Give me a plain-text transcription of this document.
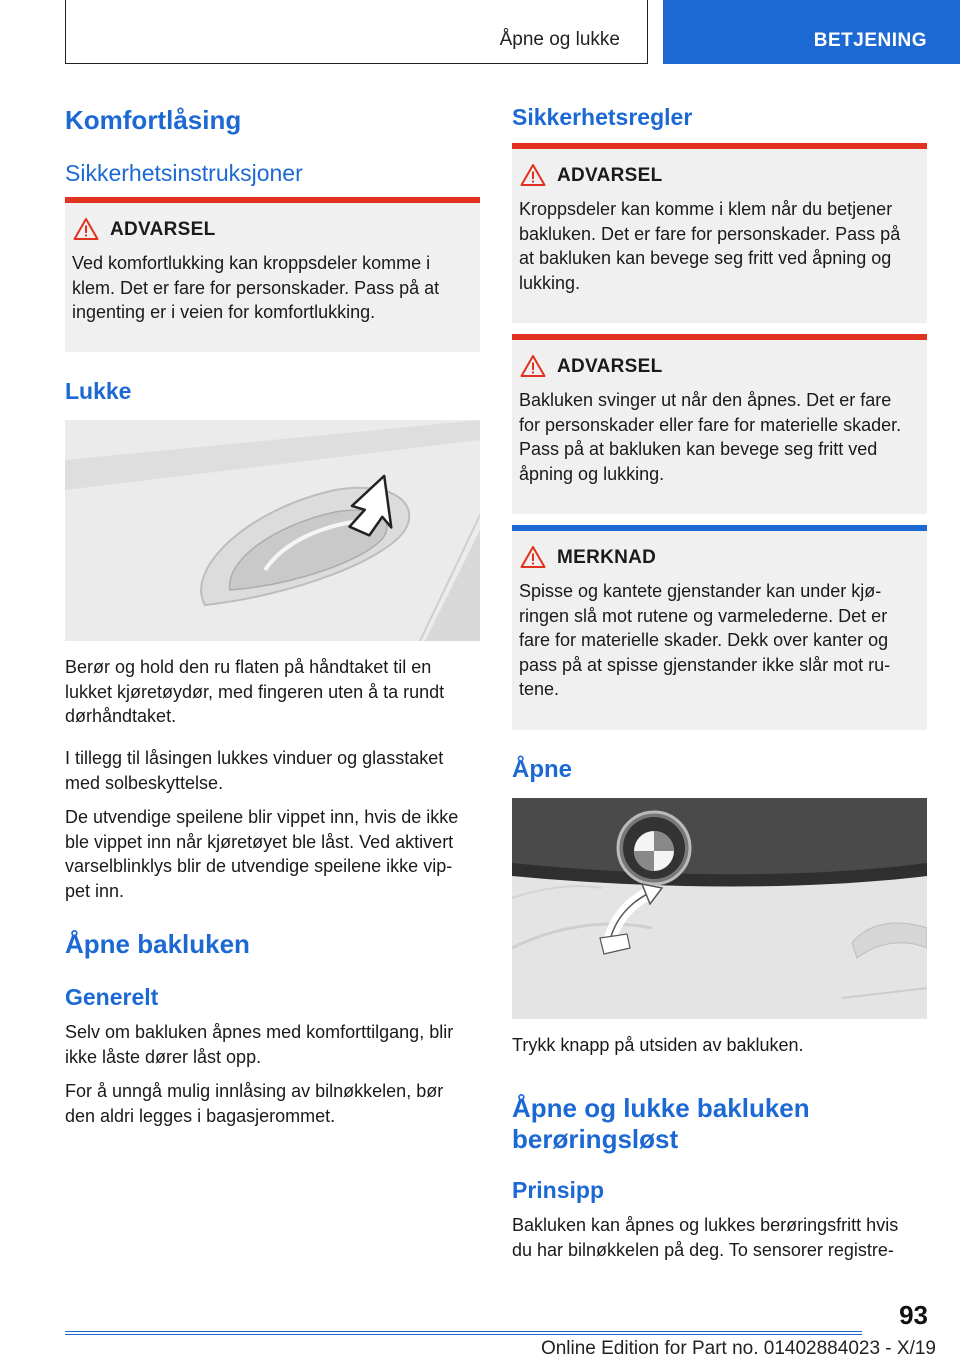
Åpne og lukke	BETJENING
Komfortlåsing
Sikkerhetsinstruksjoner
ADVARSEL
Ved komfortlukking kan kroppsdeler komme i
klem. Det er fare for personskader. Pass på at
ingenting er i veien for komfortlukking.
Lukke
Berør og hold den ru flaten på håndtaket til en
lukket kjøretøydør, med fingeren uten å ta rundt
dørhåndtaket.
I tillegg til låsingen lukkes vinduer og glasstaket
med solbeskyttelse.
De utvendige speilene blir vippet inn, hvis de ikke
ble vippet inn når kjøretøyet ble låst. Ved aktivert
varselblinklys blir de utvendige speilene ikke vip-
pet inn.
Åpne bakluken
Generelt
Selv om bakluken åpnes med komforttilgang, blir
ikke låste dører låst opp.
For å unngå mulig innlåsing av bilnøkkelen, bør
den aldri legges i bagasjerommet.
Sikkerhetsregler
ADVARSEL
Kroppsdeler kan komme i klem når du betjener
bakluken. Det er fare for personskader. Pass på
at bakluken kan bevege seg fritt ved åpning og
lukking.
ADVARSEL
Bakluken svinger ut når den åpnes. Det er fare
for personskader eller fare for materielle skader.
Pass på at bakluken kan bevege seg fritt ved
åpning og lukking.
MERKNAD
Spisse og kantete gjenstander kan under kjø-
ringen slå mot rutene og varmelederne. Det er
fare for materielle skader. Dekk over kanter og
pass på at spisse gjenstander ikke slår mot ru-
tene.
Åpne
Trykk knapp på utsiden av bakluken.
Åpne og lukke bakluken
berøringsløst
Prinsipp
Bakluken kan åpnes og lukkes berøringsfritt hvis
du har bilnøkkelen på deg. To sensorer registre-
93
Online Edition for Part no. 01402884023 - X/19
